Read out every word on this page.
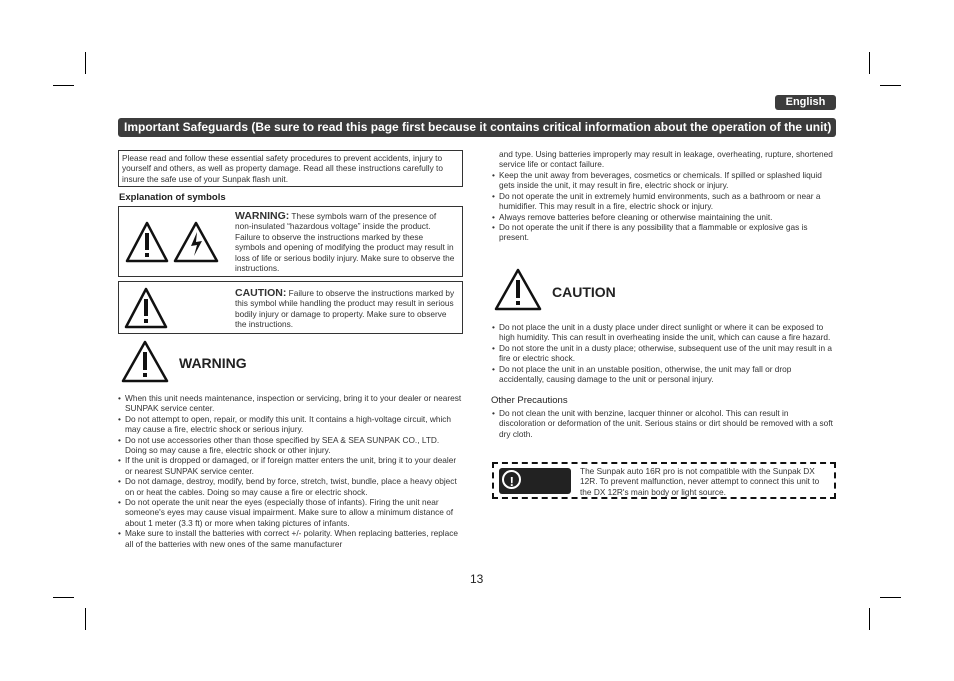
English
Important Safeguards (Be sure to read this page first because it contains critical information about the operation of the unit)
Please read and follow these essential safety procedures to prevent accidents, injury to yourself and others, as well as property damage. Read all these instructions carefully to insure the safe use of your Sunpak flash unit.
Explanation of symbols
WARNING: These symbols warn of the presence of non-insulated “hazardous voltage” inside the product. Failure to observe the instructions marked by these symbols and opening of modifying the product may result in loss of life or serious bodily injury. Make sure to observe the instructions.
CAUTION: Failure to observe the instructions marked by this symbol while handling the product may result in serious bodily injury or damage to property. Make sure to observe the instructions.
WARNING
• When this unit needs maintenance, inspection or servicing, bring it to your dealer or nearest SUNPAK service center.
• Do not attempt to open, repair, or modify this unit. It contains a high-voltage circuit, which may cause a fire, electric shock or serious injury.
• Do not use accessories other than those specified by SEA & SEA SUNPAK CO., LTD. Doing so may cause a fire, electric shock or other injury.
• If the unit is dropped or damaged, or if foreign matter enters the unit, bring it to your dealer or nearest SUNPAK service center.
• Do not damage, destroy, modify, bend by force, stretch, twist, bundle, place a heavy object on or heat the cables. Doing so may cause a fire or electric shock.
• Do not operate the unit near the eyes (especially those of infants). Firing the unit near someone's eyes may cause visual impairment. Make sure to allow a minimum distance of about 1 meter (3.3 ft) or more when taking pictures of infants.
• Make sure to install the batteries with correct +/- polarity. When replacing batteries, replace all of the batteries with new ones of the same manufacturer
and type. Using batteries improperly may result in leakage, overheating, rupture, shortened service life or contact failure.
• Keep the unit away from beverages, cosmetics or chemicals. If spilled or splashed liquid gets inside the unit, it may result in fire, electric shock or injury.
• Do not operate the unit in extremely humid environments, such as a bathroom or near a humidifier. This may result in a fire, electric shock or injury.
• Always remove batteries before cleaning or otherwise maintaining the unit.
• Do not operate the unit if there is any possibility that a flammable or explosive gas is present.
CAUTION
• Do not place the unit in a dusty place under direct sunlight or where it can be exposed to high humidity. This can result in overheating inside the unit, which can cause a fire hazard.
• Do not store the unit in a dusty place; otherwise, subsequent use of the unit may result in a fire or electric shock.
• Do not place the unit in an unstable position, otherwise, the unit may fall or drop accidentally, causing damage to the unit or personal injury.
Other Precautions
• Do not clean the unit with benzine, lacquer thinner or alcohol. This can result in discoloration or deformation of the unit. Serious stains or dirt should be removed with a soft dry cloth.
!IMPORTANT
The Sunpak auto 16R pro is not compatible with the Sunpak DX 12R. To prevent malfunction, never attempt to connect this unit to the DX 12R's main body or light source.
13
